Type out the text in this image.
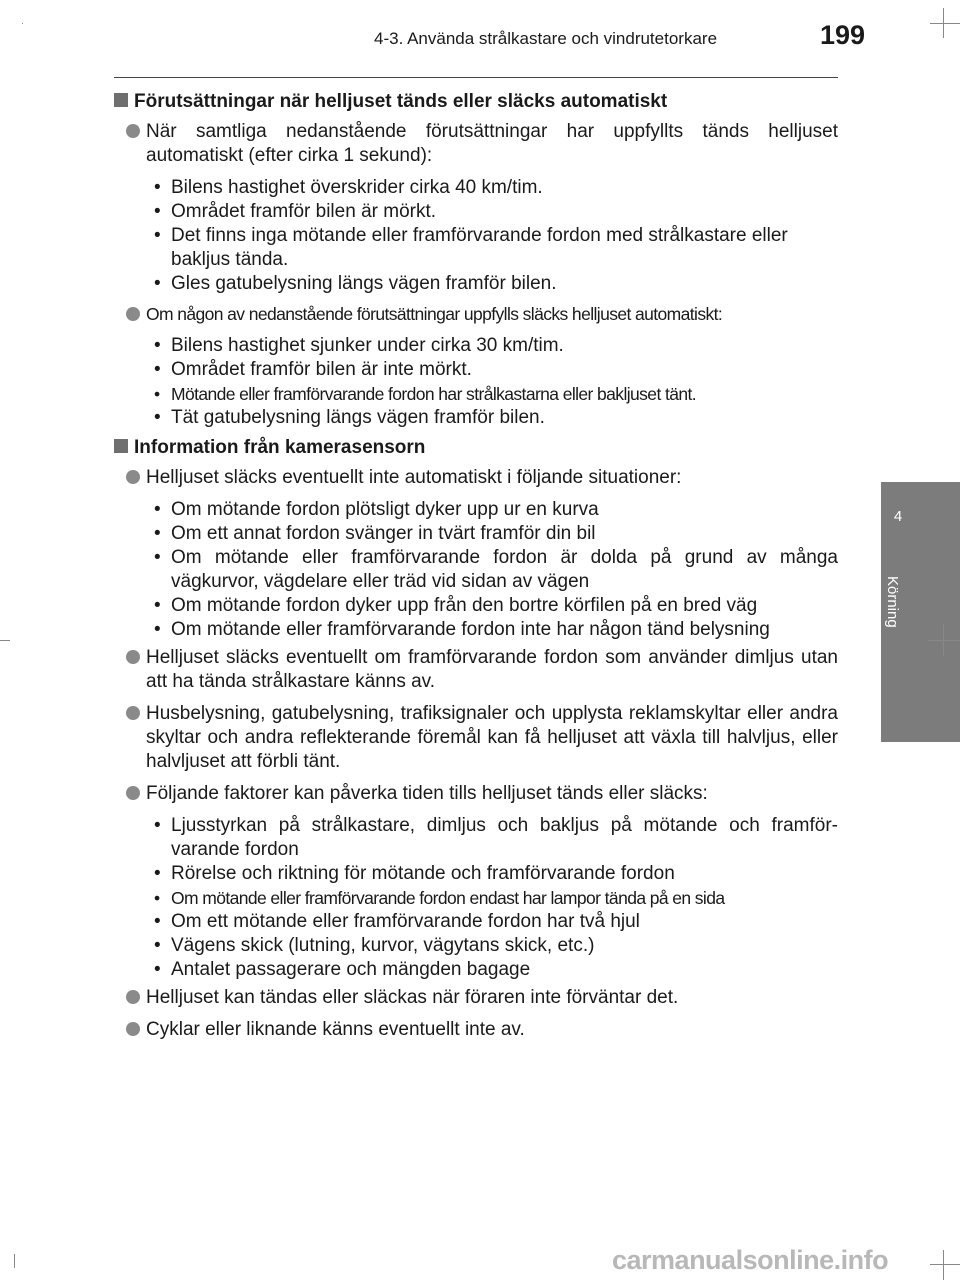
4-3. Använda strålkastare och vindrutetorkare	199
4
Körning
Förutsättningar när helljuset tänds eller släcks automatiskt
När samtliga nedanstående förutsättningar har uppfyllts tänds helljuset automatiskt (efter cirka 1 sekund):
• Bilens hastighet överskrider cirka 40 km/tim.
• Området framför bilen är mörkt.
• Det finns inga mötande eller framförvarande fordon med strålkastare eller bakljus tända.
• Gles gatubelysning längs vägen framför bilen.
Om någon av nedanstående förutsättningar uppfylls släcks helljuset automatiskt:
• Bilens hastighet sjunker under cirka 30 km/tim.
• Området framför bilen är inte mörkt.
• Mötande eller framförvarande fordon har strålkastarna eller bakljuset tänt.
• Tät gatubelysning längs vägen framför bilen.
Information från kamerasensorn
Helljuset släcks eventuellt inte automatiskt i följande situationer:
• Om mötande fordon plötsligt dyker upp ur en kurva
• Om ett annat fordon svänger in tvärt framför din bil
• Om mötande eller framförvarande fordon är dolda på grund av många vägkurvor, vägdelare eller träd vid sidan av vägen
• Om mötande fordon dyker upp från den bortre körfilen på en bred väg
• Om mötande eller framförvarande fordon inte har någon tänd belysning
Helljuset släcks eventuellt om framförvarande fordon som använder dimljus utan att ha tända strålkastare känns av.
Husbelysning, gatubelysning, trafiksignaler och upplysta reklamskyltar eller andra skyltar och andra reflekterande föremål kan få helljuset att växla till halvljus, eller halvljuset att förbli tänt.
Följande faktorer kan påverka tiden tills helljuset tänds eller släcks:
• Ljusstyrkan på strålkastare, dimljus och bakljus på mötande och framför-varande fordon
• Rörelse och riktning för mötande och framförvarande fordon
• Om mötande eller framförvarande fordon endast har lampor tända på en sida
• Om ett mötande eller framförvarande fordon har två hjul
• Vägens skick (lutning, kurvor, vägytans skick, etc.)
• Antalet passagerare och mängden bagage
Helljuset kan tändas eller släckas när föraren inte förväntar det.
Cyklar eller liknande känns eventuellt inte av.
carmanualsonline.info
